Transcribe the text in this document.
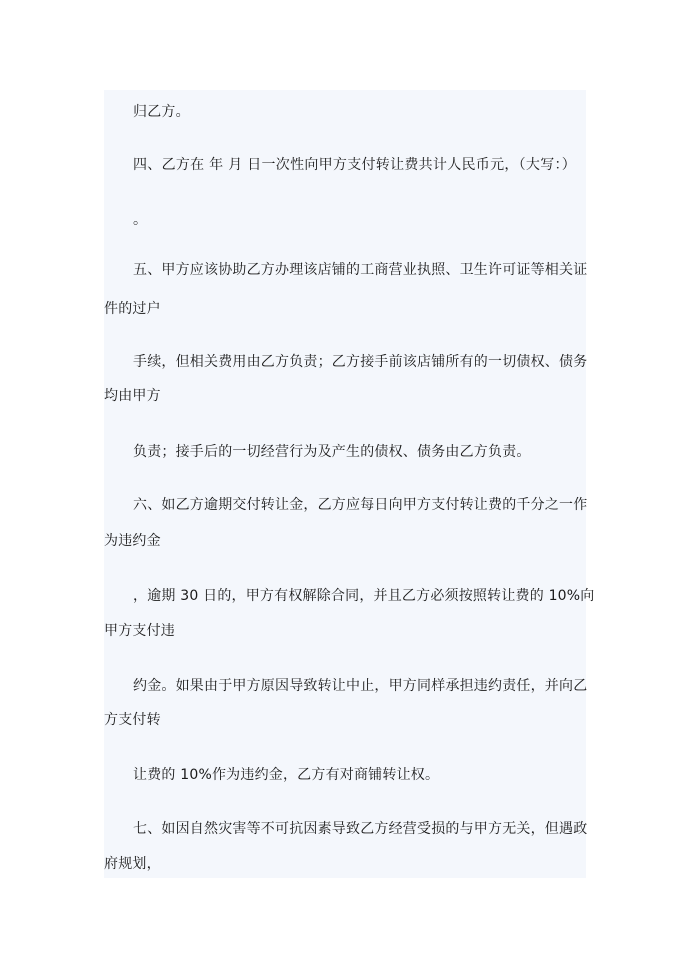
归乙方。
四、乙方在 年 月 日一次性向甲方支付转让费共计人民币元，（大写：）
。
五、甲方应该协助乙方办理该店铺的工商营业执照、卫生许可证等相关证
件的过户
手续，但相关费用由乙方负责；乙方接手前该店铺所有的一切债权、债务
均由甲方
负责；接手后的一切经营行为及产生的债权、债务由乙方负责。
六、如乙方逾期交付转让金，乙方应每日向甲方支付转让费的千分之一作
为违约金
，逾期 30 日的，甲方有权解除合同，并且乙方必须按照转让费的 10%向
甲方支付违
约金。如果由于甲方原因导致转让中止，甲方同样承担违约责任，并向乙
方支付转
让费的 10%作为违约金，乙方有对商铺转让权。
七、如因自然灾害等不可抗因素导致乙方经营受损的与甲方无关，但遇政
府规划，
